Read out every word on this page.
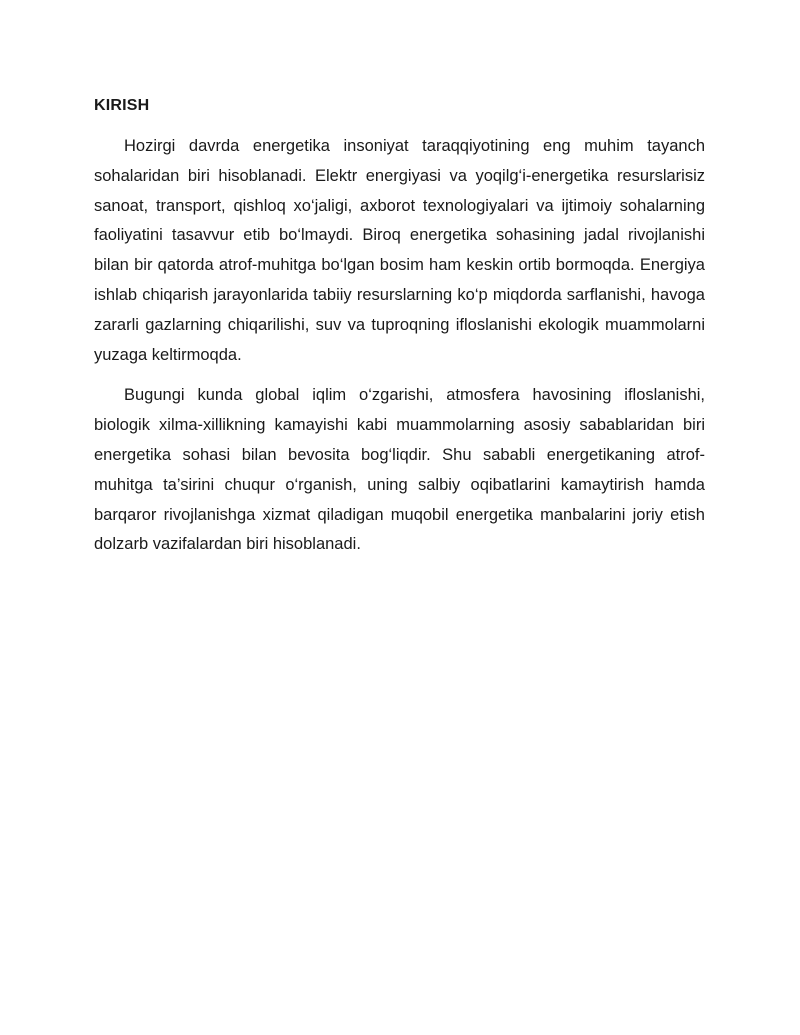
KIRISH

Hozirgi davrda energetika insoniyat taraqqiyotining eng muhim tayanch sohalaridan biri hisoblanadi. Elektr energiyasi va yoqilg‘i-energetika resurslarisiz sanoat, transport, qishloq xo‘jaligi, axborot texnologiyalari va ijtimoiy sohalarning faoliyatini tasavvur etib bo‘lmaydi. Biroq energetika sohasining jadal rivojlanishi bilan bir qatorda atrof-muhitga bo‘lgan bosim ham keskin ortib bormoqda. Energiya ishlab chiqarish jarayonlarida tabiiy resurslarning ko‘p miqdorda sarflanishi, havoga zararli gazlarning chiqarilishi, suv va tuproqning ifloslanishi ekologik muammolarni yuzaga keltirmoqda.

Bugungi kunda global iqlim o‘zgarishi, atmosfera havosining ifloslanishi, biologik xilma-xillikning kamayishi kabi muammolarning asosiy sabablaridan biri energetika sohasi bilan bevosita bog‘liqdir. Shu sababli energetikaning atrof-muhitga ta’sirini chuqur o‘rganish, uning salbiy oqibatlarini kamaytirish hamda barqaror rivojlanishga xizmat qiladigan muqobil energetika manbalarini joriy etish dolzarb vazifalardan biri hisoblanadi.
